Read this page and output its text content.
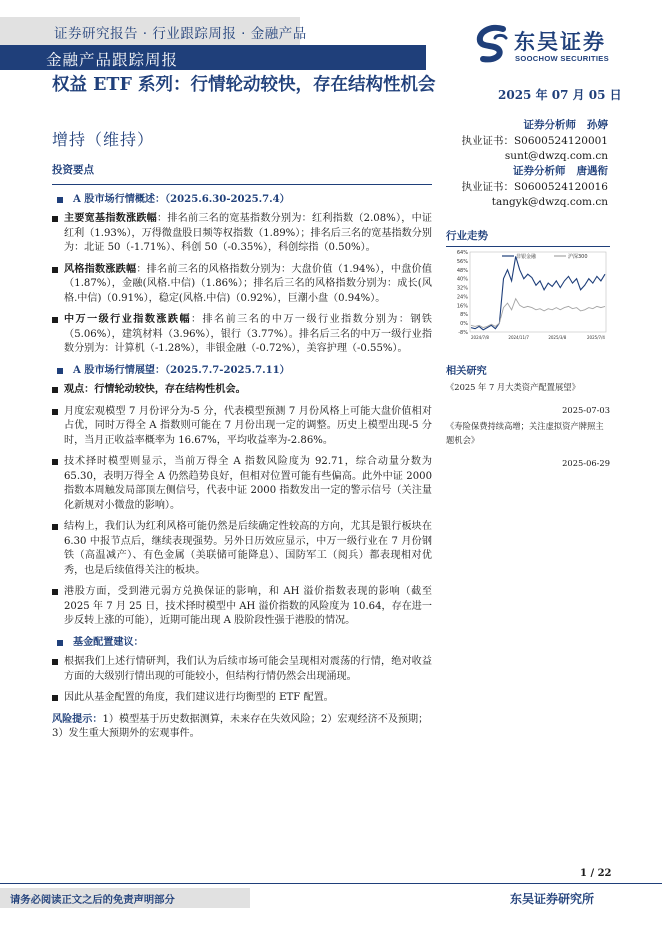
证券研究报告 · 行业跟踪周报 · 金融产品
金融产品跟踪周报
东吴证券
SOOCHOW SECURITIES
权益 ETF 系列：行情轮动较快，存在结构性机会
增持（维持）
2025 年 07 月 05 日
证券分析师 孙婷
执业证书：S0600524120001
sunt@dwzq.com.cn
证券分析师 唐遇衔
执业证书：S0600524120016
tangyk@dwzq.com.cn
投资要点
A 股市场行情概述：（2025.6.30-2025.7.4）
主要宽基指数涨跌幅：排名前三名的宽基指数分别为：红利指数（2.08%），中证红利（1.93%），万得微盘股日频等权指数（1.89%）；排名后三名的宽基指数分别为：北证 50（-1.71%）、科创 50（-0.35%），科创综指（0.50%）。
风格指数涨跌幅：排名前三名的风格指数分别为：大盘价值（1.94%），中盘价值（1.87%），金融(风格.中信)（1.86%）；排名后三名的风格指数分别为：成长(风格.中信)（0.91%），稳定(风格.中信)（0.92%），巨潮小盘（0.94%）。
中万一级行业指数涨跌幅：排名前三名的中万一级行业指数分别为：钢铁（5.06%），建筑材料（3.96%），银行（3.77%）。排名后三名的中万一级行业指数分别为：计算机（-1.28%），非银金融（-0.72%），美容护理（-0.55%）。
A 股市场行情展望：（2025.7.7-2025.7.11）
观点：行情轮动较快，存在结构性机会。
月度宏观模型 7 月份评分为-5 分，代表模型预测 7 月份风格上可能大盘价值相对占优，同时万得全 A 指数则可能在 7 月份出现一定的调整。历史上模型出现-5 分时，当月正收益率概率为 16.67%，平均收益率为-2.86%。
技术择时模型则显示，当前万得全 A 指数风险度为 92.71，综合动量分数为 65.30，表明万得全 A 仍然趋势良好，但相对位置可能有些偏高。此外中证 2000 指数本周触发局部顶左侧信号，代表中证 2000 指数发出一定的警示信号（关注量化新规对小微盘的影响）。
结构上，我们认为红利风格可能仍然是后续确定性较高的方向，尤其是银行板块在 6.30 中报节点后，继续表现强势。另外日历效应显示，中万一级行业在 7 月份钢铁（高温减产）、有色金属（美联储可能降息）、国防军工（阅兵）都表现相对优秀，也是后续值得关注的板块。
港股方面，受到港元弱方兑换保证的影响，和 AH 溢价指数表现的影响（截至 2025 年 7 月 25 日，技术择时模型中 AH 溢价指数的风险度为 10.64，存在进一步反转上涨的可能），近期可能出现 A 股阶段性强于港股的情况。
基金配置建议：
根据我们上述行情研判，我们认为后续市场可能会呈现相对震荡的行情，绝对收益方面的大级别行情出现的可能较小，但结构行情仍然会出现涌现。
因此从基金配置的角度，我们建议进行均衡型的 ETF 配置。
风险提示：1）模型基于历史数据测算，未来存在失效风险；2）宏观经济不及预期；3）发生重大预期外的宏观事件。
行业走势
64%
56%
48%
40%
32%
24%
16%
8%
0%
-8%
2024/7/8	2024/11/7	2025/3/8	2025/7/4
非银金融	沪深300
相关研究
《2025 年 7 月大类资产配置展望》
2025-07-03
《寿险保费持续高增；关注虚拟资产牌照主题机会》
2025-06-29
1 / 22
请务必阅读正文之后的免责声明部分	东吴证券研究所
